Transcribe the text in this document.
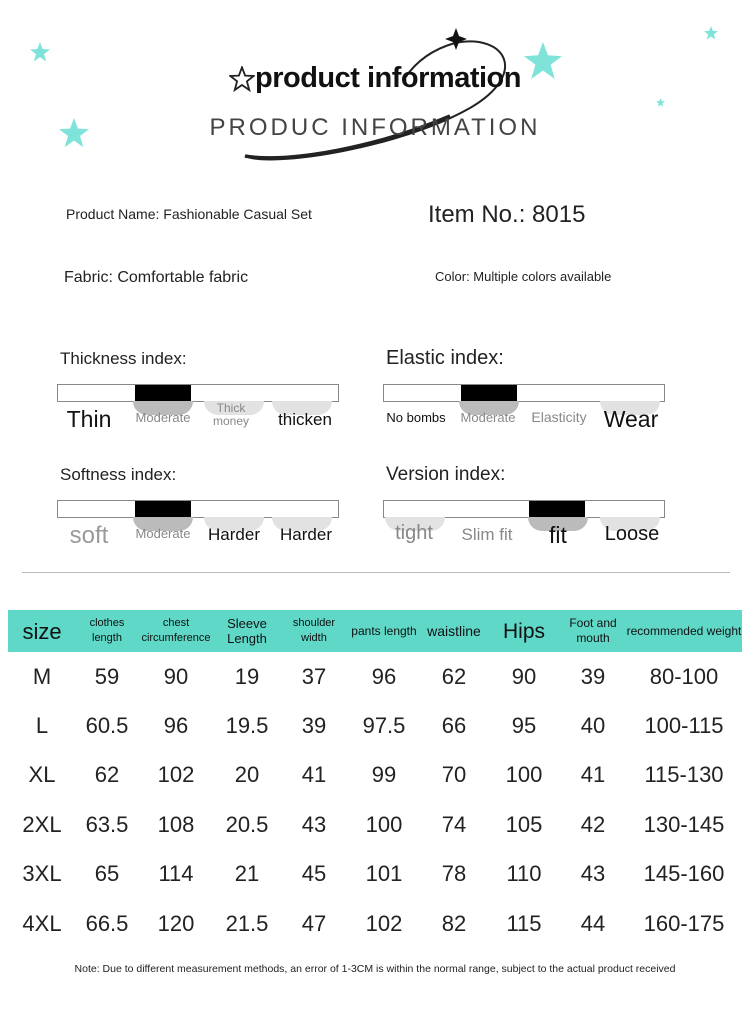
product information
PRODUC INFORMATION
Product Name: Fashionable Casual Set	Item No.: 8015
Fabric: Comfortable fabric	Color: Multiple colors available
Thickness index:
Thin	Moderate
Thick money	thicken
Elastic index:
No bombs	Moderate	Elasticity Wear
Softness index:
soft	Moderate	Harder	Harder
Version index:
tight	Slim fit	fit	Loose
size	clothes length	chest circumference	Sleeve Length	shoulder width	pants length	waistline	Hips	Foot and mouth	recommended weight
M	59	90	19	37	96	62	90	39	80-100
L	60.5	96	19.5	39	97.5	66	95	40	100-115
XL	62	102	20	41	99	70	100	41	115-130
2XL	63.5	108	20.5	43	100	74	105	42	130-145
3XL	65	114	21	45	101	78	110	43	145-160
4XL	66.5	120	21.5	47	102	82	115	44	160-175
Note: Due to different measurement methods, an error of 1-3CM is within the normal range, subject to the actual product received
